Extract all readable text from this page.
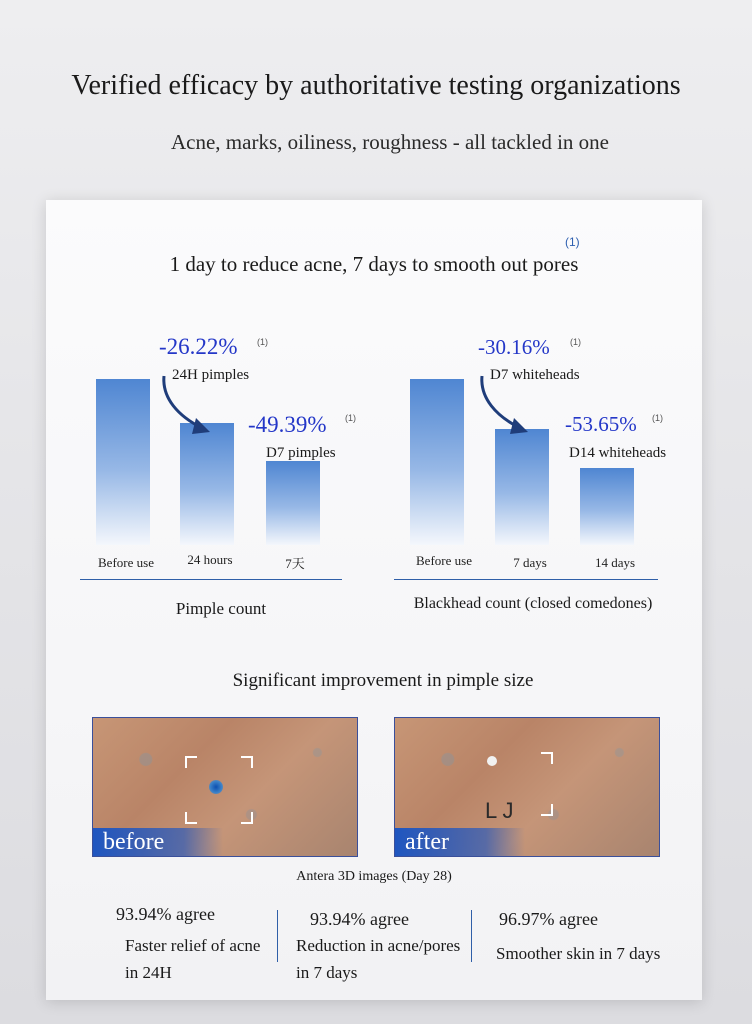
Verified efficacy by authoritative testing organizations
Acne, marks, oiliness, roughness - all tackled in one
(1)
1 day to reduce acne, 7 days to smooth out pores
Before use	24 hours	7天
-26.22% (1)
24H pimples
-49.39% (1)
D7 pimples
Pimple count
Before use	7 days	14 days
-30.16% (1)
D7 whiteheads
-53.65% (1)
D14 whiteheads
Blackhead count (closed comedones)
Significant improvement in pimple size
before
L J
after
Antera 3D images (Day 28)
93.94% agree
Faster relief of acne in 24H
93.94% agree
Reduction in acne/pores in 7 days
96.97% agree
Smoother skin in 7 days
